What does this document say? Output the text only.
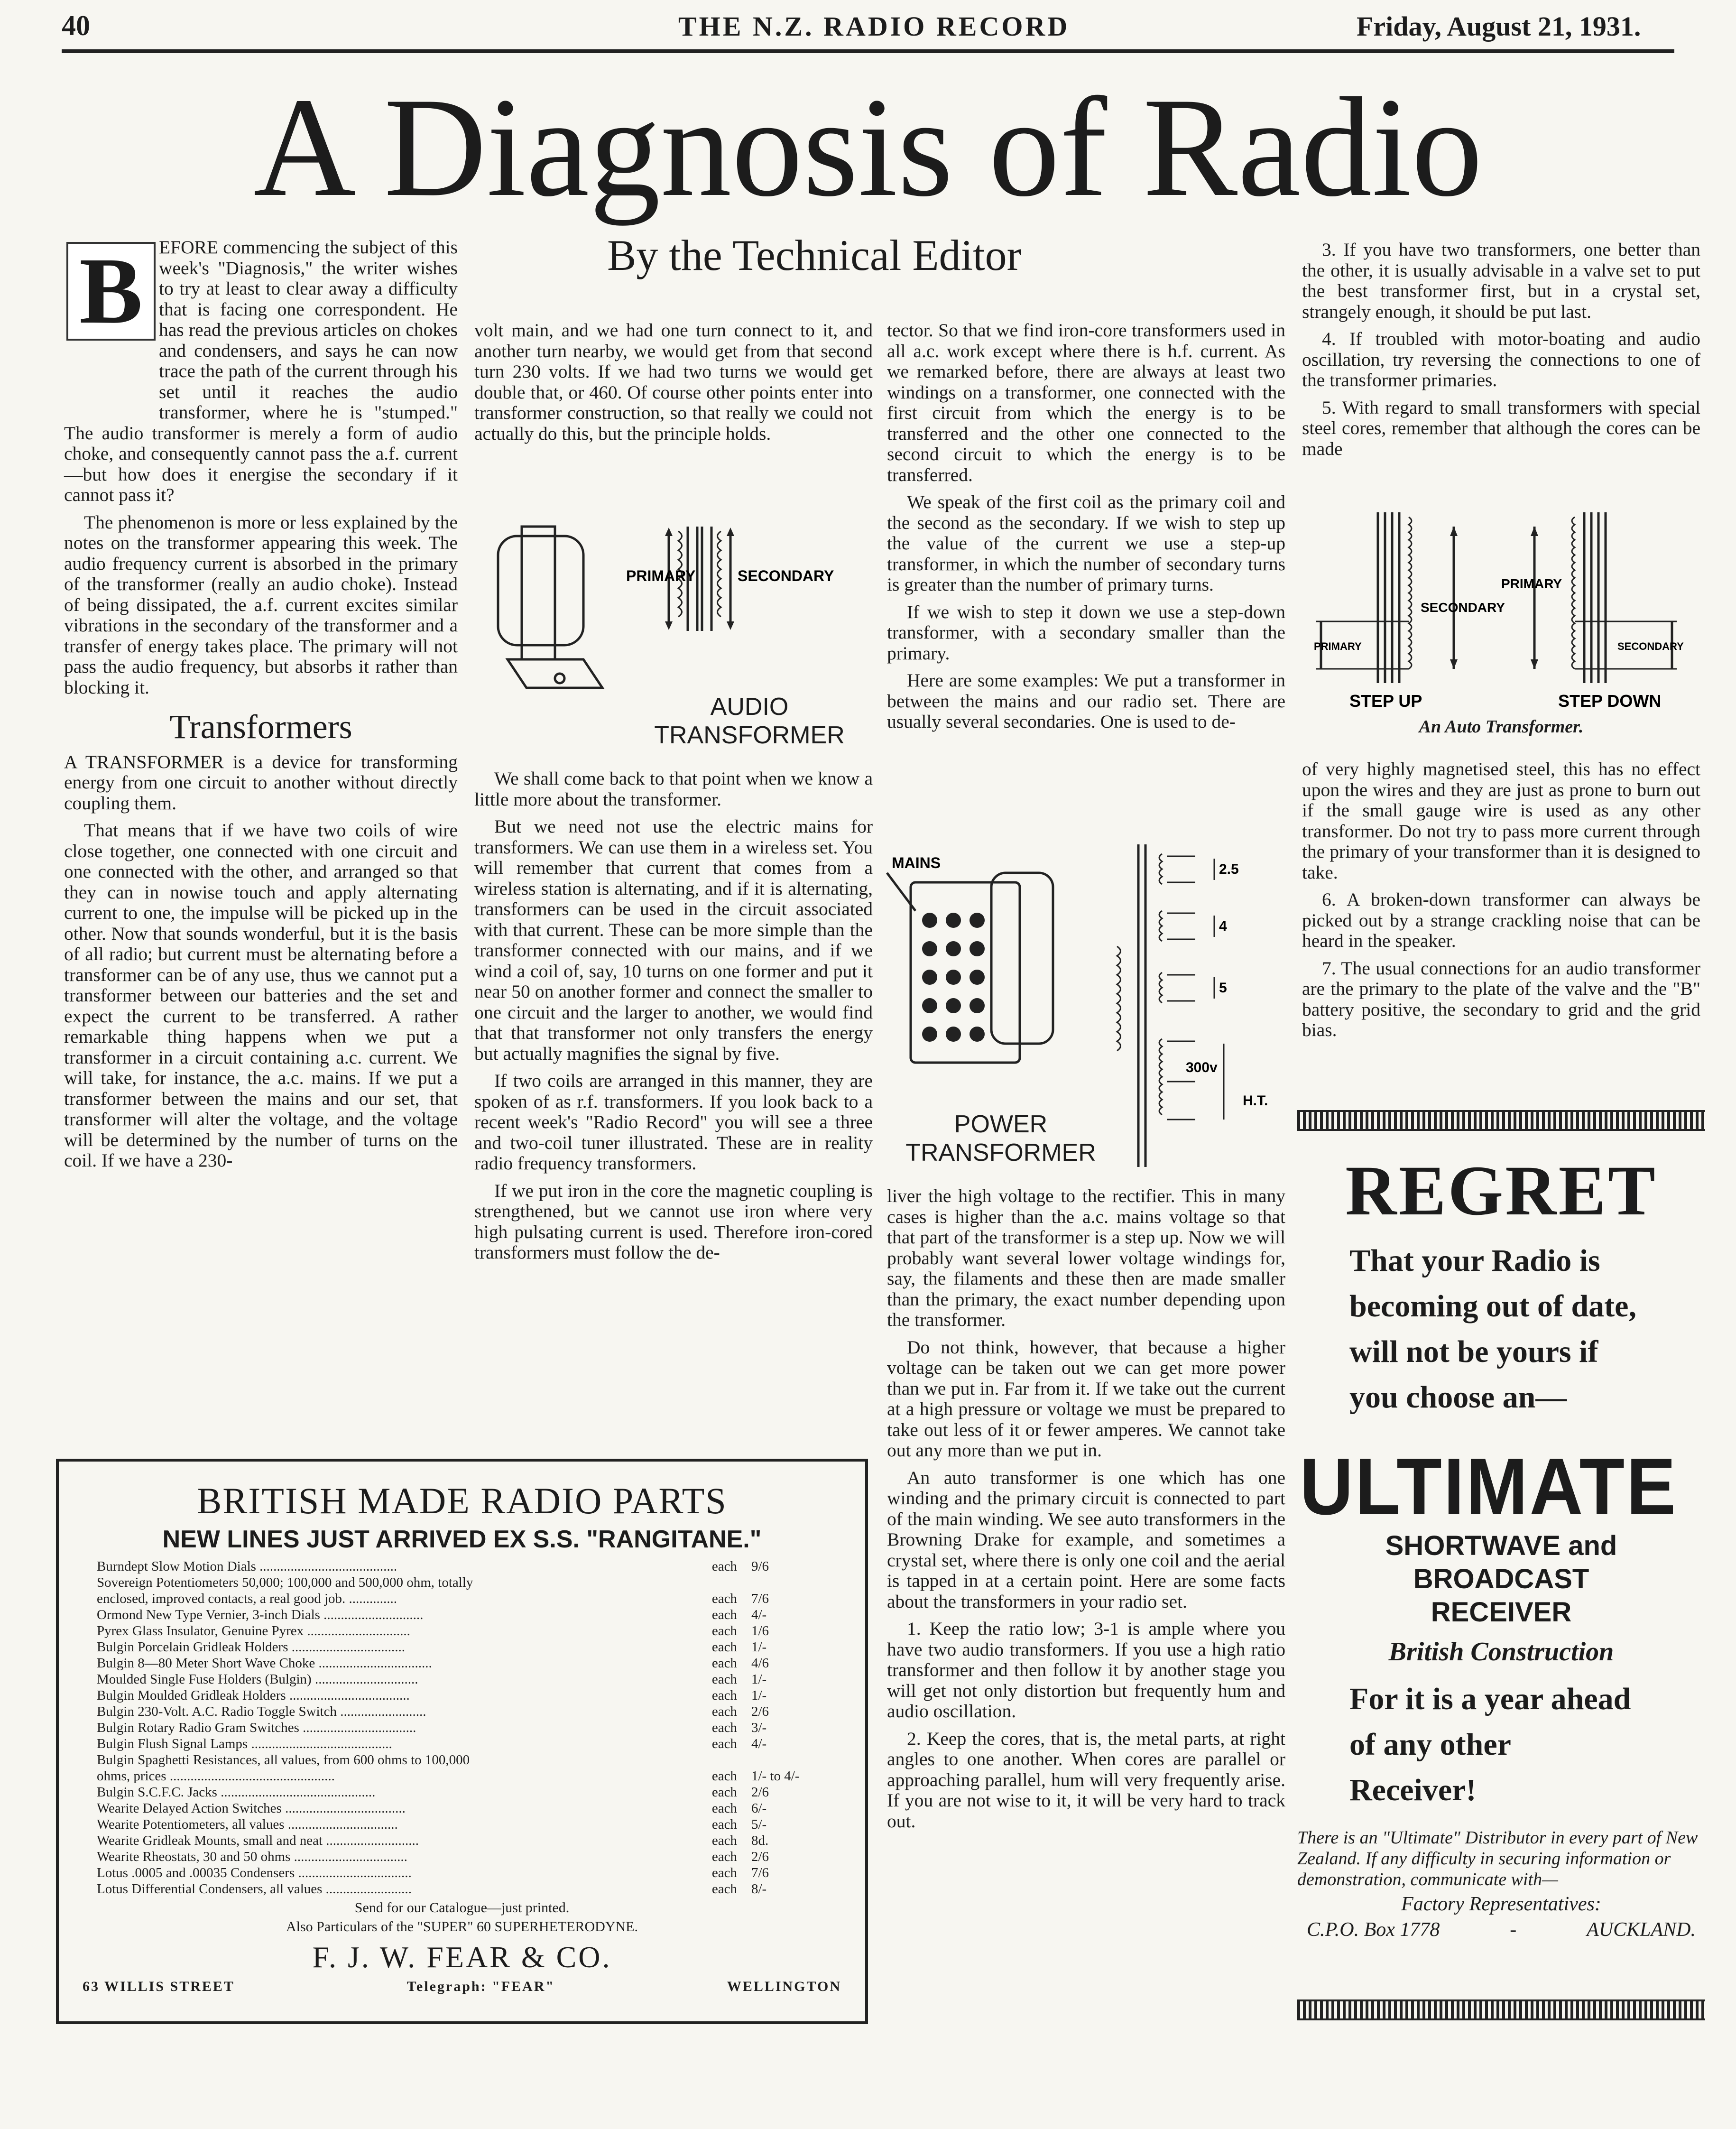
40	THE N.Z. RADIO RECORD	Friday, August 21, 1931.
A Diagnosis of Radio
By the Technical Editor
B EFORE commencing the subject of this week's "Diagnosis," the writer wishes to try at least to clear away a difficulty that is facing one correspondent. He has read the previous articles on chokes and condensers, and says he can now trace the path of the current through his set until it reaches the audio transformer, where he is "stumped." The audio transformer is merely a form of audio choke, and consequently cannot pass the a.f. current—but how does it energise the secondary if it cannot pass it?

The phenomenon is more or less explained by the notes on the transformer appearing this week. The audio frequency current is absorbed in the primary of the transformer (really an audio choke). Instead of being dissipated, the a.f. current excites similar vibrations in the secondary of the transformer and a transfer of energy takes place. The primary will not pass the audio frequency, but absorbs it rather than blocking it.

Transformers

A TRANSFORMER is a device for transforming energy from one circuit to another without directly coupling them.

That means that if we have two coils of wire close together, one connected with one circuit and one connected with the other, and arranged so that they can in nowise touch and apply alternating current to one, the impulse will be picked up in the other. Now that sounds wonderful, but it is the basis of all radio; but current must be alternating before a transformer can be of any use, thus we cannot put a transformer between our batteries and the set and expect the current to be transferred. A rather remarkable thing happens when we put a transformer in a circuit containing a.c. current. We will take, for instance, the a.c. mains. If we put a transformer between the mains and our set, that transformer will alter the voltage, and the voltage will be determined by the number of turns on the coil. If we have a 230-

volt main, and we had one turn connect to it, and another turn nearby, we would get from that second turn 230 volts. If we had two turns we would get double that, or 460. Of course other points enter into transformer construction, so that really we could not actually do this, but the principle holds.

PRIMARY	SECONDARY
AUDIO
TRANSFORMER

We shall come back to that point when we know a little more about the transformer.

But we need not use the electric mains for transformers. We can use them in a wireless set. You will remember that current that comes from a wireless station is alternating, and if it is alternating, transformers can be used in the circuit associated with that current. These can be more simple than the transformer connected with our mains, and if we wind a coil of, say, 10 turns on one former and put it near 50 on another former and connect the smaller to one circuit and the larger to another, we would find that that transformer not only transfers the energy but actually magnifies the signal by five.

If two coils are arranged in this manner, they are spoken of as r.f. transformers. If you look back to a recent week's "Radio Record" you will see a three and two-coil tuner illustrated. These are in reality radio frequency transformers.

If we put iron in the core the magnetic coupling is strengthened, but we cannot use iron where very high pulsating current is used. Therefore iron-cored transformers must follow the de-

tector. So that we find iron-core transformers used in all a.c. work except where there is h.f. current. As we remarked before, there are always at least two windings on a transformer, one connected with the first circuit from which the energy is to be transferred and the other one connected to the second circuit to which the energy is to be transferred.

We speak of the first coil as the primary coil and the second as the secondary. If we wish to step up the value of the current we use a step-up transformer, in which the number of secondary turns is greater than the number of primary turns.

If we wish to step it down we use a step-down transformer, with a secondary smaller than the primary.

Here are some examples: We put a transformer in between the mains and our radio set. There are usually several secondaries. One is used to de-

MAINS	2.5
4
5
300v
H.T.
POWER
TRANSFORMER

liver the high voltage to the rectifier. This in many cases is higher than the a.c. mains voltage so that that part of the transformer is a step up. Now we will probably want several lower voltage windings for, say, the filaments and these then are made smaller than the primary, the exact number depending upon the transformer.

Do not think, however, that because a higher voltage can be taken out we can get more power than we put in. Far from it. If we take out the current at a high pressure or voltage we must be prepared to take out less of it or fewer amperes. We cannot take out any more than we put in.

An auto transformer is one which has one winding and the primary circuit is connected to part of the main winding. We see auto transformers in the Browning Drake for example, and sometimes a crystal set, where there is only one coil and the aerial is tapped in at a certain point. Here are some facts about the transformers in your radio set.

1. Keep the ratio low; 3-1 is ample where you have two audio transformers. If you use a high ratio transformer and then follow it by another stage you will get not only distortion but frequently hum and audio oscillation.

2. Keep the cores, that is, the metal parts, at right angles to one another. When cores are parallel or approaching parallel, hum will very frequently arise. If you are not wise to it, it will be very hard to track out.

3. If you have two transformers, one better than the other, it is usually advisable in a valve set to put the best transformer first, but in a crystal set, strangely enough, it should be put last.

4. If troubled with motor-boating and audio oscillation, try reversing the connections to one of the transformer primaries.

5. With regard to small transformers with special steel cores, remember that although the cores can be made

SECONDARY
PRIMARY
PRIMARY	SECONDARY
STEP UP	STEP DOWN
An Auto Transformer.

of very highly magnetised steel, this has no effect upon the wires and they are just as prone to burn out if the small gauge wire is used as any other transformer. Do not try to pass more current through the primary of your transformer than it is designed to take.

6. A broken-down transformer can always be picked out by a strange crackling noise that can be heard in the speaker.

7. The usual connections for an audio transformer are the primary to the plate of the valve and the "B" battery positive, the secondary to grid and the grid bias.

BRITISH MADE RADIO PARTS
NEW LINES JUST ARRIVED EX S.S. "RANGITANE."
Burndept Slow Motion Dials ........................................	each	9/6
Sovereign Potentiometers 50,000; 100,000 and 500,000 ohm, totally
enclosed, improved contacts, a real good job. ..............	each	7/6
Ormond New Type Vernier, 3-inch Dials .............................	each	4/-
Pyrex Glass Insulator, Genuine Pyrex ..............................	each	1/6
Bulgin Porcelain Gridleak Holders .................................	each	1/-
Bulgin 8—80 Meter Short Wave Choke .................................	each	4/6
Moulded Single Fuse Holders (Bulgin) ..............................	each	1/-
Bulgin Moulded Gridleak Holders ...................................	each	1/-
Bulgin 230-Volt. A.C. Radio Toggle Switch .........................	each	2/6
Bulgin Rotary Radio Gram Switches .................................	each	3/-
Bulgin Flush Signal Lamps .........................................	each	4/-
Bulgin Spaghetti Resistances, all values, from 600 ohms to 100,000
ohms, prices ................................................	each	1/- to 4/-
Bulgin S.C.F.C. Jacks .............................................	each	2/6
Wearite Delayed Action Switches ...................................	each	6/-
Wearite Potentiometers, all values ................................	each	5/-
Wearite Gridleak Mounts, small and neat ...........................	each	8d.
Wearite Rheostats, 30 and 50 ohms .................................	each	2/6
Lotus .0005 and .00035 Condensers .................................	each	7/6
Lotus Differential Condensers, all values .........................	each	8/-
Send for our Catalogue—just printed.
Also Particulars of the "SUPER" 60 SUPERHETERODYNE.
F. J. W. FEAR & CO.
63 WILLIS STREET	Telegraph: "FEAR"	WELLINGTON
REGRET
That your Radio is
becoming out of date,
will not be yours if
you choose an—
ULTIMATE
SHORTWAVE and BROADCAST
RECEIVER
British Construction
For it is a year ahead
of any other
Receiver!
There is an "Ultimate" Distributor in every part of New Zealand. If any difficulty in securing information or demonstration, communicate with—
Factory Representatives:
C.P.O. Box 1778	-	AUCKLAND.
